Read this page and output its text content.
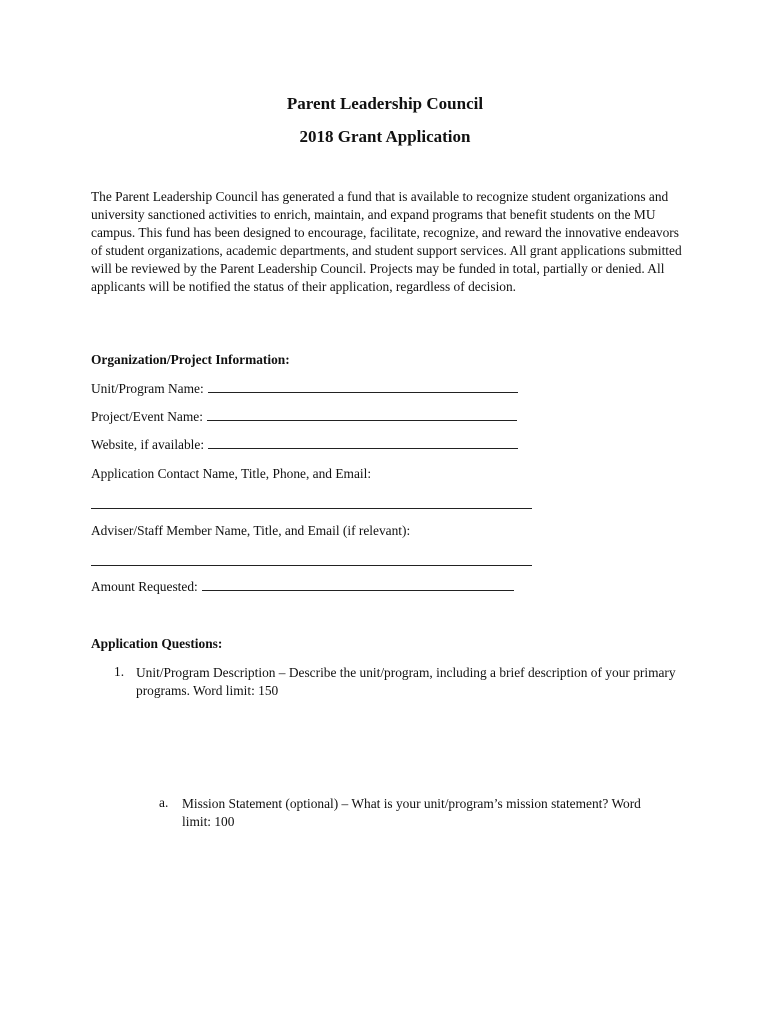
Parent Leadership Council
2018 Grant Application

The Parent Leadership Council has generated a fund that is available to recognize student organizations and university sanctioned activities to enrich, maintain, and expand programs that benefit students on the MU campus. This fund has been designed to encourage, facilitate, recognize, and reward the innovative endeavors of student organizations, academic departments, and student support services. All grant applications submitted will be reviewed by the Parent Leadership Council. Projects may be funded in total, partially or denied. All applicants will be notified the status of their application, regardless of decision.

Organization/Project Information:
Unit/Program Name:
Project/Event Name:
Website, if available:
Application Contact Name, Title, Phone, and Email:
Adviser/Staff Member Name, Title, and Email (if relevant):
Amount Requested:
Application Questions:
1. Unit/Program Description – Describe the unit/program, including a brief description of your primary programs. Word limit: 150

a. Mission Statement (optional) – What is your unit/program’s mission statement? Word limit: 100
